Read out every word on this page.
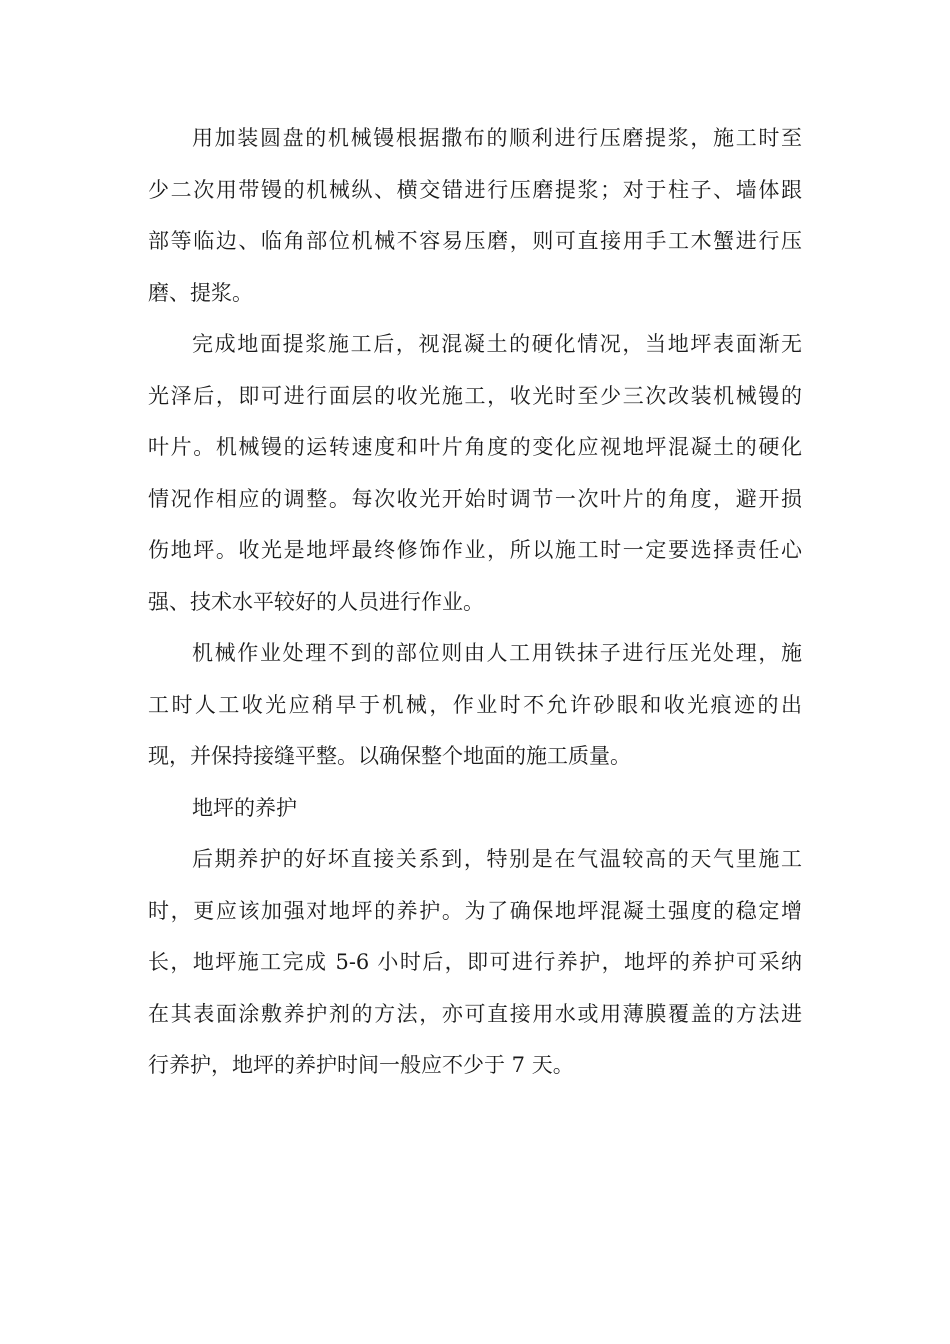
用加装圆盘的机械镘根据撒布的顺利进行压磨提浆，施工时至
少二次用带镘的机械纵、横交错进行压磨提浆；对于柱子、墙体跟
部等临边、临角部位机械不容易压磨，则可直接用手工木蟹进行压
磨、提浆。
完成地面提浆施工后，视混凝土的硬化情况，当地坪表面渐无
光泽后，即可进行面层的收光施工，收光时至少三次改装机械镘的
叶片。机械镘的运转速度和叶片角度的变化应视地坪混凝土的硬化
情况作相应的调整。每次收光开始时调节一次叶片的角度，避开损
伤地坪。收光是地坪最终修饰作业，所以施工时一定要选择责任心
强、技术水平较好的人员进行作业。
机械作业处理不到的部位则由人工用铁抹子进行压光处理，施
工时人工收光应稍早于机械，作业时不允许砂眼和收光痕迹的出
现，并保持接缝平整。以确保整个地面的施工质量。
地坪的养护
后期养护的好坏直接关系到，特别是在气温较高的天气里施工
时，更应该加强对地坪的养护。为了确保地坪混凝土强度的稳定增
长，地坪施工完成 5-6 小时后，即可进行养护，地坪的养护可采纳
在其表面涂敷养护剂的方法，亦可直接用水或用薄膜覆盖的方法进
行养护，地坪的养护时间一般应不少于 7 天。
